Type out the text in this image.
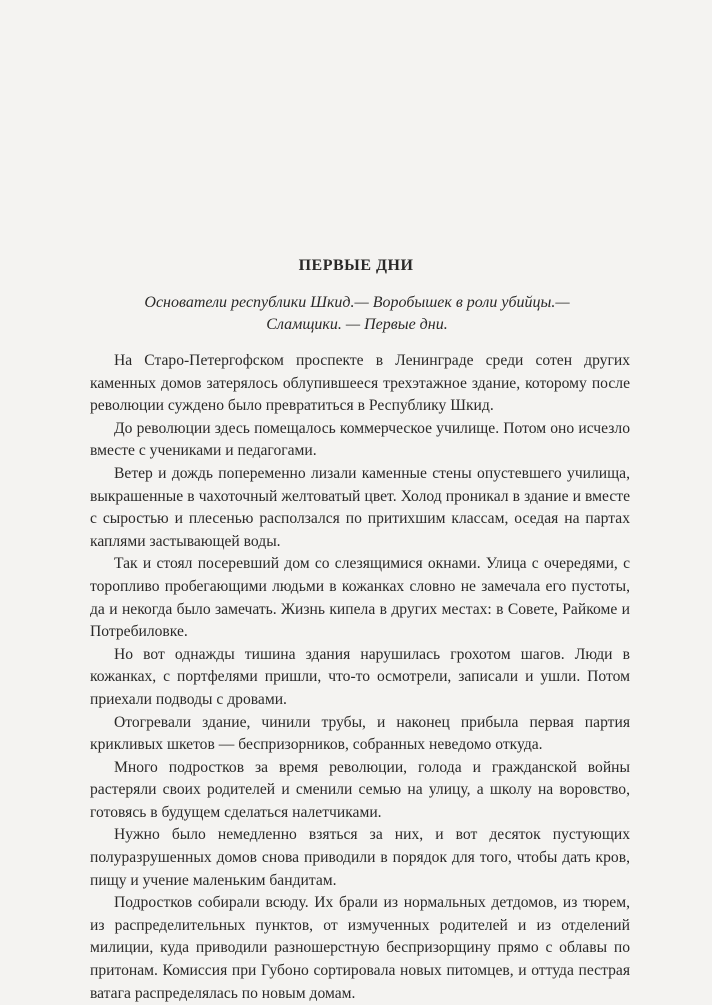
ПЕРВЫЕ ДНИ
Основатели республики Шкид.— Воробышек в роли убийцы.—
Сламщики. — Первые дни.

На Старо-Петергофском проспекте в Ленинграде среди сотен других каменных домов затерялось облупившееся трехэтажное здание, которому после революции суждено было превратиться в Республику Шкид.

До революции здесь помещалось коммерческое училище. Потом оно исчезло вместе с учениками и педагогами.

Ветер и дождь попеременно лизали каменные стены опустевшего училища, выкрашенные в чахоточный желтоватый цвет. Холод проникал в здание и вместе с сыростью и плесенью расползался по притихшим классам, оседая на партах каплями застывающей воды.

Так и стоял посеревший дом со слезящимися окнами. Улица с очередями, с торопливо пробегающими людьми в кожанках словно не замечала его пустоты, да и некогда было замечать. Жизнь кипела в других местах: в Совете, Райкоме и Потребиловке.

Но вот однажды тишина здания нарушилась грохотом шагов. Люди в кожанках, с портфелями пришли, что-то осмотрели, записали и ушли. Потом приехали подводы с дровами.

Отогревали здание, чинили трубы, и наконец прибыла первая партия крикливых шкетов — беспризорников, собранных неведомо откуда.

Много подростков за время революции, голода и гражданской войны растеряли своих родителей и сменили семью на улицу, а школу на воровство, готовясь в будущем сделаться налетчиками.

Нужно было немедленно взяться за них, и вот десяток пустующих полуразрушенных домов снова приводили в порядок для того, чтобы дать кров, пищу и учение маленьким бандитам.

Подростков собирали всюду. Их брали из нормальных детдомов, из тюрем, из распределительных пунктов, от измученных родителей и из отделений милиции, куда приводили разношерстную беспризорщину прямо с облавы по притонам. Комиссия при Губоно сортировала новых питомцев, и оттуда пестрая ватага распределялась по новым домам.
